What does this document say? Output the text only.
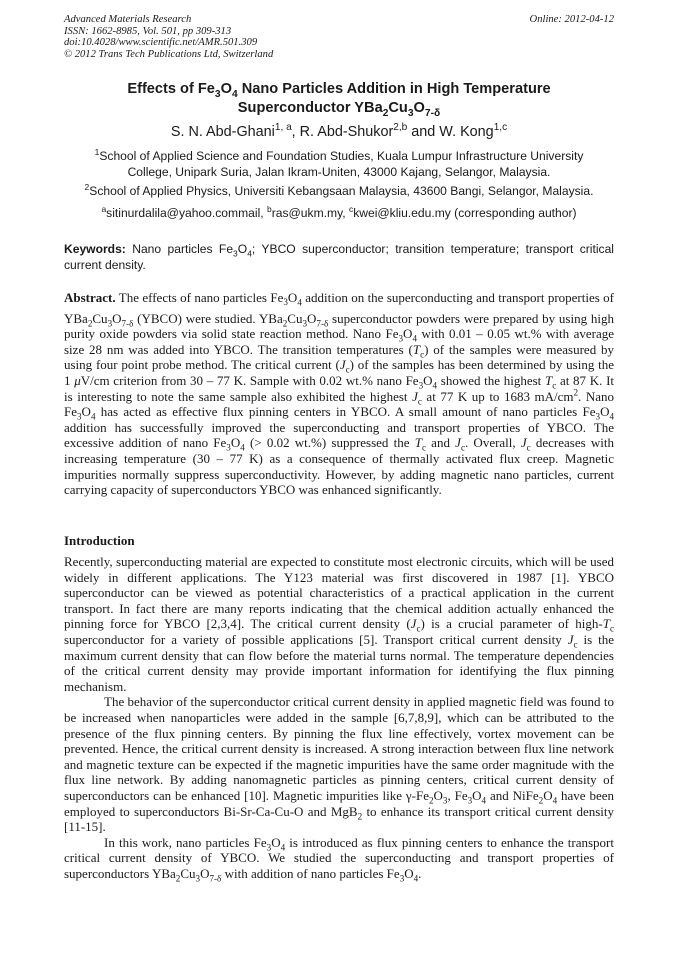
Advanced Materials Research
ISSN: 1662-8985, Vol. 501, pp 309-313
doi:10.4028/www.scientific.net/AMR.501.309
© 2012 Trans Tech Publications Ltd, Switzerland
Online: 2012-04-12
Effects of $Fe_3O_4$ Nano Particles Addition in High Temperature
Superconductor $YBa_2Cu_3O_{7-\delta}$
S. N. Abd-Ghani$^{1, a}$, R. Abd-Shukor$^{2,b}$ and W. Kong$^{1,c}$
$^1$School of Applied Science and Foundation Studies, Kuala Lumpur Infrastructure University
College, Unipark Suria, Jalan Ikram-Uniten, 43000 Kajang, Selangor, Malaysia.
$^2$School of Applied Physics, Universiti Kebangsaan Malaysia, 43600 Bangi, Selangor, Malaysia.
$^a$sitinurdalila@yahoo.commail, $^b$ras@ukm.my, $^c$kwei@kliu.edu.my (corresponding author)
Keywords: Nano particles $Fe_3O_4$; YBCO superconductor; transition temperature; transport critical current density.
Abstract. The effects of nano particles $Fe_3O_4$ addition on the superconducting and transport properties of $YBa_2Cu_3O_{7-\delta}$ (YBCO) were studied. $YBa_2Cu_3O_{7-\delta}$ superconductor powders were prepared by using high purity oxide powders via solid state reaction method. Nano $Fe_3O_4$ with 0.01 – 0.05 wt.% with average size 28 nm was added into YBCO. The transition temperatures $(T_c)$ of the samples were measured by using four point probe method. The critical current $(J_c)$ of the samples has been determined by using the 1 μV/cm criterion from 30 – 77 K. Sample with 0.02 wt.% nano $Fe_3O_4$ showed the highest $T_c$ at 87 K. It is interesting to note the same sample also exhibited the highest $J_c$ at 77 K up to 1683 $mA/cm^2$. Nano $Fe_3O_4$ has acted as effective flux pinning centers in YBCO. A small amount of nano particles $Fe_3O_4$ addition has successfully improved the superconducting and transport properties of YBCO. The excessive addition of nano $Fe_3O_4$ (> 0.02 wt.%) suppressed the $T_c$ and $J_c$. Overall, $J_c$ decreases with increasing temperature (30 – 77 K) as a consequence of thermally activated flux creep. Magnetic impurities normally suppress superconductivity. However, by adding magnetic nano particles, current carrying capacity of superconductors YBCO was enhanced significantly.
Introduction

Recently, superconducting material are expected to constitute most electronic circuits, which will be used widely in different applications. The Y123 material was first discovered in 1987 [1]. YBCO superconductor can be viewed as potential characteristics of a practical application in the current transport. In fact there are many reports indicating that the chemical addition actually enhanced the pinning force for YBCO [2,3,4]. The critical current density $(J_c)$ is a crucial parameter of high-$T_c$ superconductor for a variety of possible applications [5]. Transport critical current density $J_c$ is the maximum current density that can flow before the material turns normal. The temperature dependencies of the critical current density may provide important information for identifying the flux pinning mechanism.

The behavior of the superconductor critical current density in applied magnetic field was found to be increased when nanoparticles were added in the sample [6,7,8,9], which can be attributed to the presence of the flux pinning centers. By pinning the flux line effectively, vortex movement can be prevented. Hence, the critical current density is increased. A strong interaction between flux line network and magnetic texture can be expected if the magnetic impurities have the same order magnitude with the flux line network. By adding nanomagnetic particles as pinning centers, critical current density of superconductors can be enhanced [10]. Magnetic impurities like $\gamma-Fe_2O_3$, $Fe_3O_4$ and $NiFe_2O_4$ have been employed to superconductors Bi-Sr-Ca-Cu-O and MgB$_2$ to enhance its transport critical current density [11-15].

In this work, nano particles $Fe_3O_4$ is introduced as flux pinning centers to enhance the transport critical current density of YBCO. We studied the superconducting and transport properties of superconductors $YBa_2Cu_3O_{7-\delta}$ with addition of nano particles $Fe_3O_4$.
